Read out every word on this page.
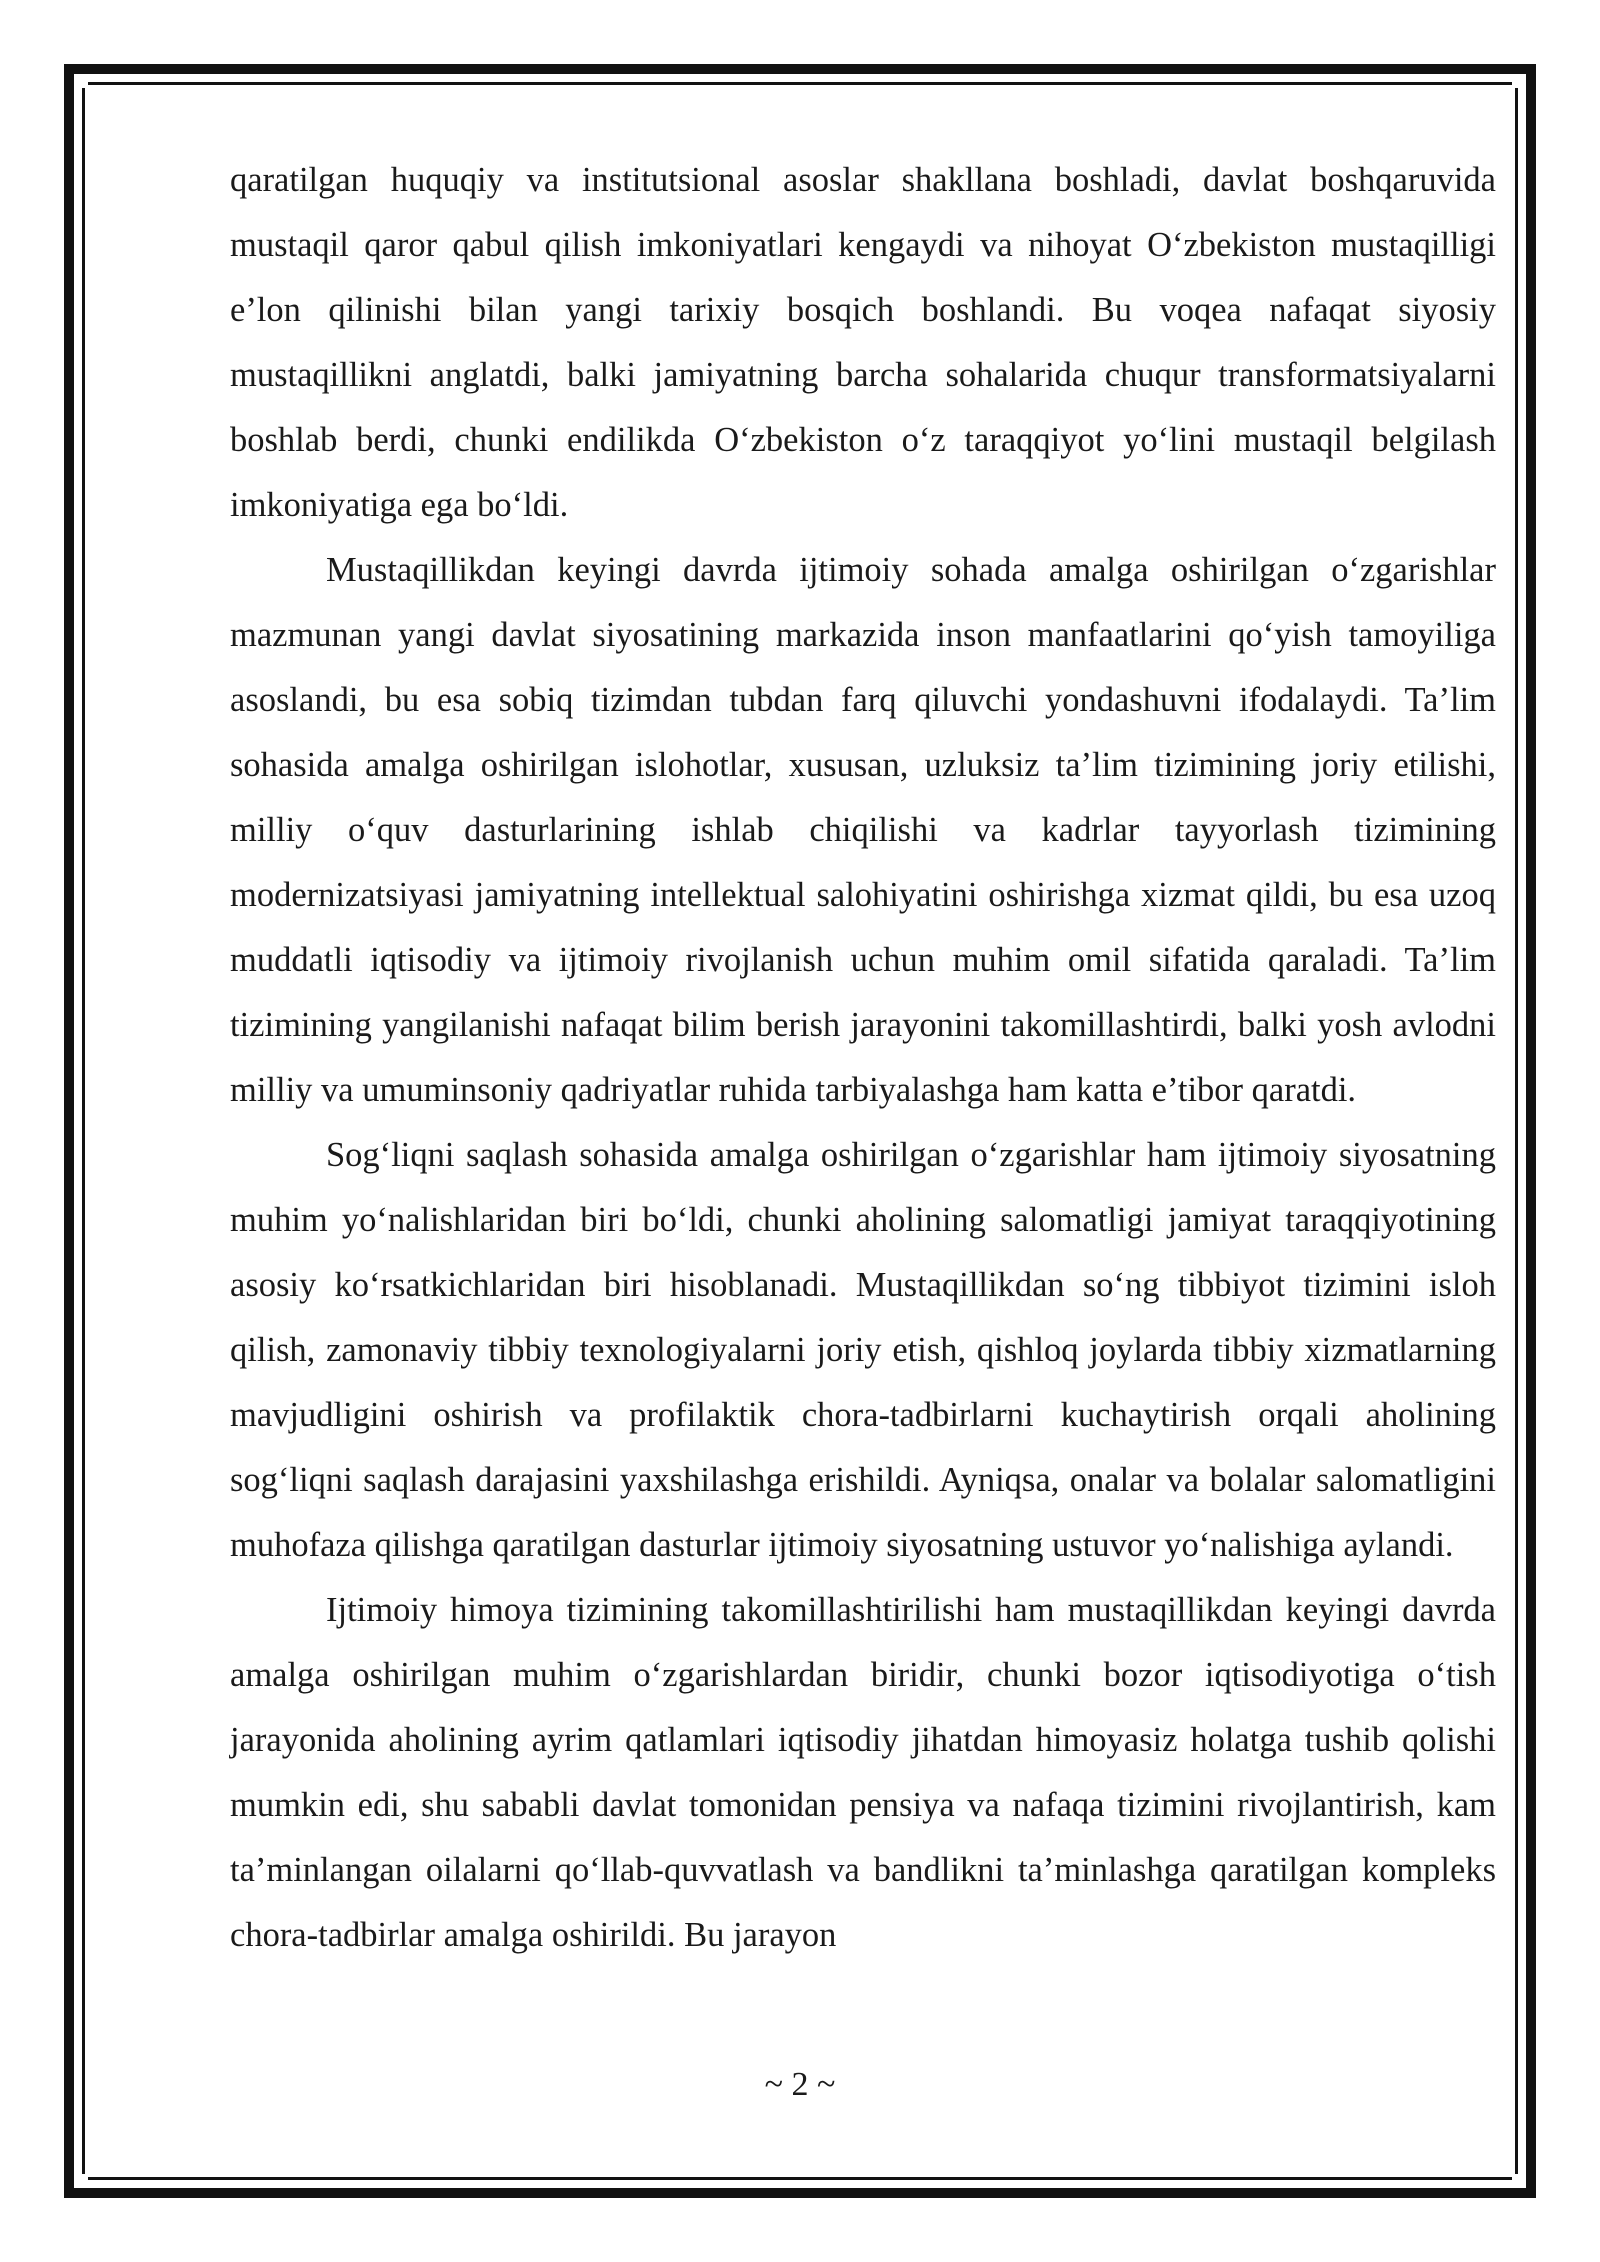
qaratilgan huquqiy va institutsional asoslar shakllana boshladi, davlat boshqaruvida mustaqil qaror qabul qilish imkoniyatlari kengaydi va nihoyat O‘zbekiston mustaqilligi e’lon qilinishi bilan yangi tarixiy bosqich boshlandi. Bu voqea nafaqat siyosiy mustaqillikni anglatdi, balki jamiyatning barcha sohalarida chuqur transformatsiyalarni boshlab berdi, chunki endilikda O‘zbekiston o‘z taraqqiyot yo‘lini mustaqil belgilash imkoniyatiga ega bo‘ldi.

Mustaqillikdan keyingi davrda ijtimoiy sohada amalga oshirilgan o‘zgarishlar mazmunan yangi davlat siyosatining markazida inson manfaatlarini qo‘yish tamoyiliga asoslandi, bu esa sobiq tizimdan tubdan farq qiluvchi yondashuvni ifodalaydi. Ta’lim sohasida amalga oshirilgan islohotlar, xususan, uzluksiz ta’lim tizimining joriy etilishi, milliy o‘quv dasturlarining ishlab chiqilishi va kadrlar tayyorlash tizimining modernizatsiyasi jamiyatning intellektual salohiyatini oshirishga xizmat qildi, bu esa uzoq muddatli iqtisodiy va ijtimoiy rivojlanish uchun muhim omil sifatida qaraladi. Ta’lim tizimining yangilanishi nafaqat bilim berish jarayonini takomillashtirdi, balki yosh avlodni milliy va umuminsoniy qadriyatlar ruhida tarbiyalashga ham katta e’tibor qaratdi.

Sog‘liqni saqlash sohasida amalga oshirilgan o‘zgarishlar ham ijtimoiy siyosatning muhim yo‘nalishlaridan biri bo‘ldi, chunki aholining salomatligi jamiyat taraqqiyotining asosiy ko‘rsatkichlaridan biri hisoblanadi. Mustaqillikdan so‘ng tibbiyot tizimini isloh qilish, zamonaviy tibbiy texnologiyalarni joriy etish, qishloq joylarda tibbiy xizmatlarning mavjudligini oshirish va profilaktik chora-tadbirlarni kuchaytirish orqali aholining sog‘liqni saqlash darajasini yaxshilashga erishildi. Ayniqsa, onalar va bolalar salomatligini muhofaza qilishga qaratilgan dasturlar ijtimoiy siyosatning ustuvor yo‘nalishiga aylandi.

Ijtimoiy himoya tizimining takomillashtirilishi ham mustaqillikdan keyingi davrda amalga oshirilgan muhim o‘zgarishlardan biridir, chunki bozor iqtisodiyotiga o‘tish jarayonida aholining ayrim qatlamlari iqtisodiy jihatdan himoyasiz holatga tushib qolishi mumkin edi, shu sababli davlat tomonidan pensiya va nafaqa tizimini rivojlantirish, kam ta’minlangan oilalarni qo‘llab-quvvatlash va bandlikni ta’minlashga qaratilgan kompleks chora-tadbirlar amalga oshirildi. Bu jarayon

~ 2 ~
